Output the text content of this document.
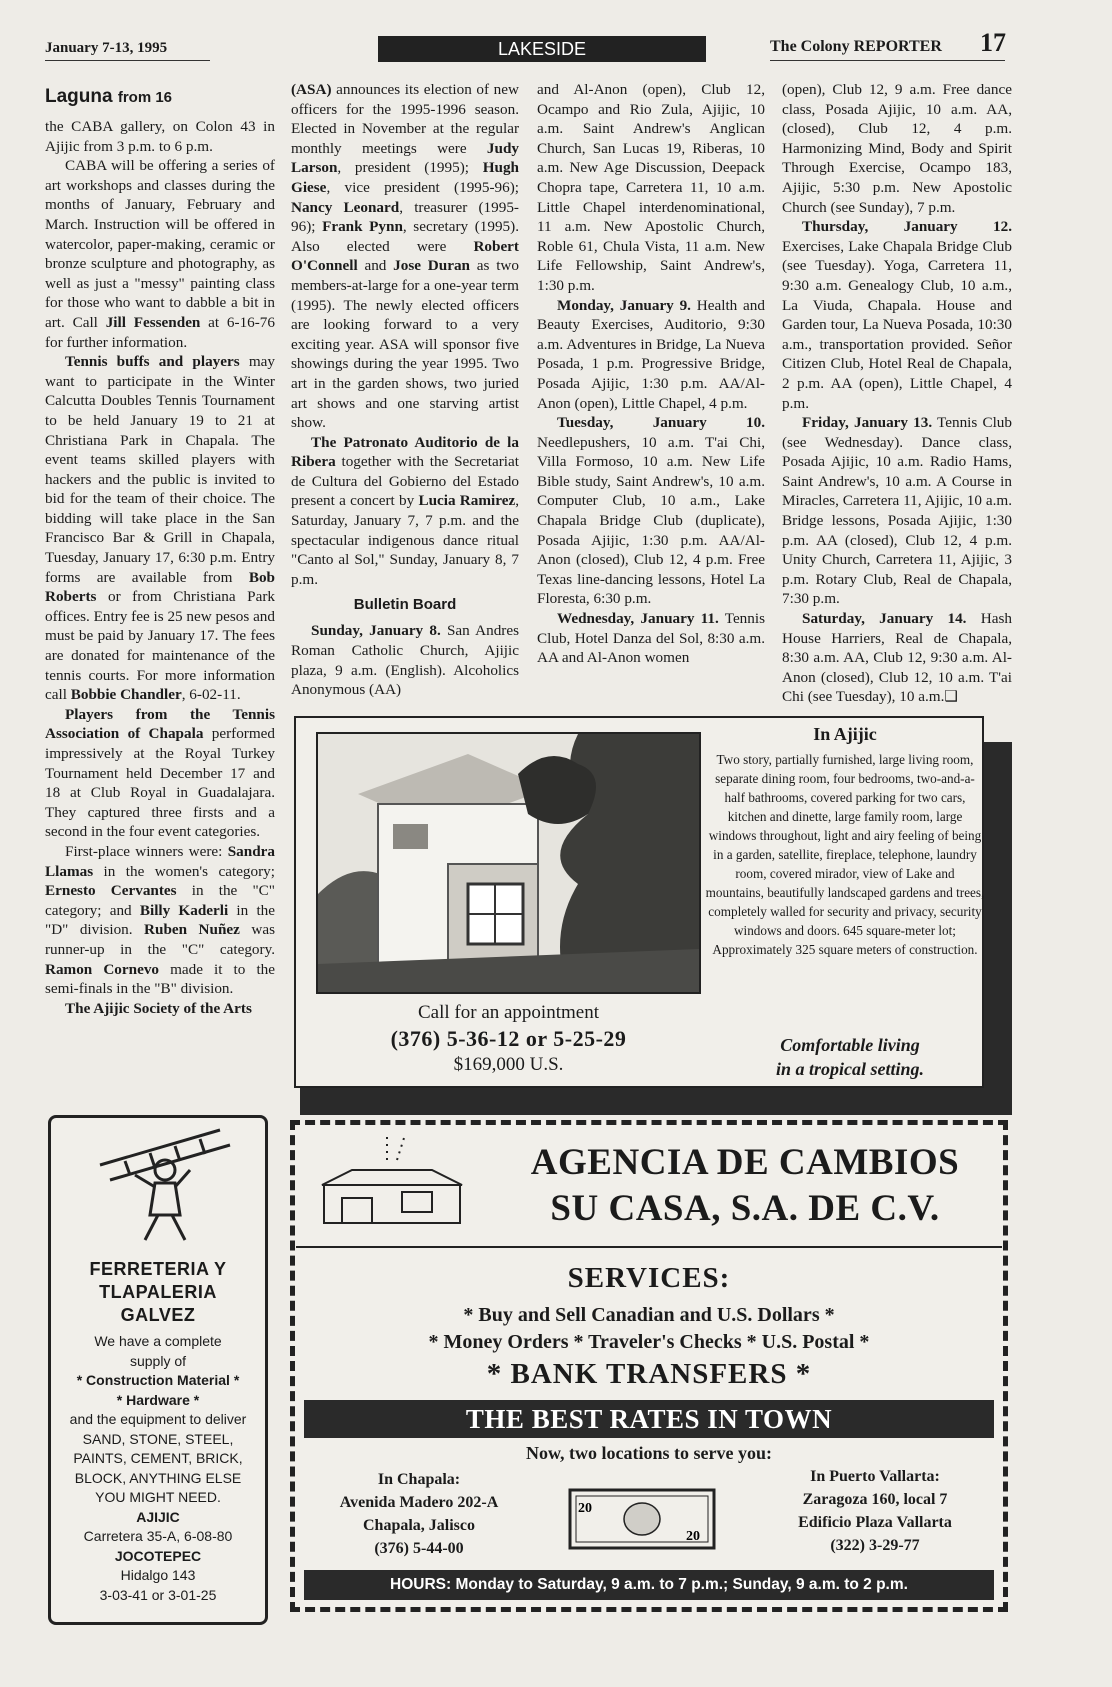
January 7-13, 1995	LAKESIDE	The Colony REPORTER 17
Laguna from 16

the CABA gallery, on Colon 43 in Ajijic from 3 p.m. to 6 p.m.

CABA will be offering a series of art workshops and classes during the months of January, February and March. Instruction will be offered in watercolor, paper-making, ceramic or bronze sculpture and photography, as well as just a "messy" painting class for those who want to dabble a bit in art. Call Jill Fessenden at 6-16-76 for further information.

Tennis buffs and players may want to participate in the Winter Calcutta Doubles Tennis Tournament to be held January 19 to 21 at Christiana Park in Chapala. The event teams skilled players with hackers and the public is invited to bid for the team of their choice. The bidding will take place in the San Francisco Bar & Grill in Chapala, Tuesday, January 17, 6:30 p.m. Entry forms are available from Bob Roberts or from Christiana Park offices. Entry fee is 25 new pesos and must be paid by January 17. The fees are donated for maintenance of the tennis courts. For more information call Bobbie Chandler, 6-02-11.

Players from the Tennis Association of Chapala performed impressively at the Royal Turkey Tournament held December 17 and 18 at Club Royal in Guadalajara. They captured three firsts and a second in the four event categories.

First-place winners were: Sandra Llamas in the women's category; Ernesto Cervantes in the "C" category; and Billy Kaderli in the "D" division. Ruben Nuñez was runner-up in the "C" category. Ramon Cornevo made it to the semi-finals in the "B" division.

The Ajijic Society of the Arts

(ASA) announces its election of new officers for the 1995-1996 season. Elected in November at the regular monthly meetings were Judy Larson, president (1995); Hugh Giese, vice president (1995-96); Nancy Leonard, treasurer (1995-96); Frank Pynn, secretary (1995). Also elected were Robert O'Connell and Jose Duran as two members-at-large for a one-year term (1995). The newly elected officers are looking forward to a very exciting year. ASA will sponsor five showings during the year 1995. Two art in the garden shows, two juried art shows and one starving artist show.

The Patronato Auditorio de la Ribera together with the Secretariat de Cultura del Gobierno del Estado present a concert by Lucia Ramirez, Saturday, January 7, 7 p.m. and the spectacular indigenous dance ritual "Canto al Sol," Sunday, January 8, 7 p.m.

Bulletin Board

Sunday, January 8. San Andres Roman Catholic Church, Ajijic plaza, 9 a.m. (English). Alcoholics Anonymous (AA)

and Al-Anon (open), Club 12, Ocampo and Rio Zula, Ajijic, 10 a.m. Saint Andrew's Anglican Church, San Lucas 19, Riberas, 10 a.m. New Age Discussion, Deepack Chopra tape, Carretera 11, 10 a.m. Little Chapel interdenominational, 11 a.m. New Apostolic Church, Roble 61, Chula Vista, 11 a.m. New Life Fellowship, Saint Andrew's, 1:30 p.m.

Monday, January 9. Health and Beauty Exercises, Auditorio, 9:30 a.m. Adventures in Bridge, La Nueva Posada, 1 p.m. Progressive Bridge, Posada Ajijic, 1:30 p.m. AA/Al-Anon (open), Little Chapel, 4 p.m.

Tuesday, January 10. Needlepushers, 10 a.m. T'ai Chi, Villa Formoso, 10 a.m. New Life Bible study, Saint Andrew's, 10 a.m. Computer Club, 10 a.m., Lake Chapala Bridge Club (duplicate), Posada Ajijic, 1:30 p.m. AA/Al-Anon (closed), Club 12, 4 p.m. Free Texas line-dancing lessons, Hotel La Floresta, 6:30 p.m.

Wednesday, January 11. Tennis Club, Hotel Danza del Sol, 8:30 a.m. AA and Al-Anon women

(open), Club 12, 9 a.m. Free dance class, Posada Ajijic, 10 a.m. AA, (closed), Club 12, 4 p.m. Harmonizing Mind, Body and Spirit Through Exercise, Ocampo 183, Ajijic, 5:30 p.m. New Apostolic Church (see Sunday), 7 p.m.

Thursday, January 12. Exercises, Lake Chapala Bridge Club (see Tuesday). Yoga, Carretera 11, 9:30 a.m. Genealogy Club, 10 a.m., La Viuda, Chapala. House and Garden tour, La Nueva Posada, 10:30 a.m., transportation provided. Señor Citizen Club, Hotel Real de Chapala, 2 p.m. AA (open), Little Chapel, 4 p.m.

Friday, January 13. Tennis Club (see Wednesday). Dance class, Posada Ajijic, 10 a.m. Radio Hams, Saint Andrew's, 10 a.m. A Course in Miracles, Carretera 11, Ajijic, 10 a.m. Bridge lessons, Posada Ajijic, 1:30 p.m. AA (closed), Club 12, 4 p.m. Unity Church, Carretera 11, Ajijic, 3 p.m. Rotary Club, Real de Chapala, 7:30 p.m.

Saturday, January 14. Hash House Harriers, Real de Chapala, 8:30 a.m. AA, Club 12, 9:30 a.m. Al-Anon (closed), Club 12, 10 a.m. T'ai Chi (see Tuesday), 10 a.m.❑

In Ajijic
Two story, partially furnished, large living room, separate dining room, four bedrooms, two-and-a-half bathrooms, covered parking for two cars, kitchen and dinette, large family room, large windows throughout, light and airy feeling of being in a garden, satellite, fireplace, telephone, laundry room, covered mirador, view of Lake and mountains, beautifully landscaped gardens and trees, completely walled for security and privacy, security windows and doors. 645 square-meter lot; Approximately 325 square meters of construction.
Call for an appointment
(376) 5-36-12 or 5-25-29
$169,000 U.S.
Comfortable living
in a tropical setting.
FERRETERIA Y
TLAPALERIA
GALVEZ
We have a complete
supply of
* Construction Material *
* Hardware *
and the equipment to deliver
SAND, STONE, STEEL,
PAINTS, CEMENT, BRICK,
BLOCK, ANYTHING ELSE
YOU MIGHT NEED.
AJIJIC
Carretera 35-A, 6-08-80
JOCOTEPEC
Hidalgo 143
3-03-41 or 3-01-25
AGENCIA DE CAMBIOS
SU CASA, S.A. DE C.V.
SERVICES:
* Buy and Sell Canadian and U.S. Dollars *
* Money Orders * Traveler's Checks * U.S. Postal *
* BANK TRANSFERS *
THE BEST RATES IN TOWN
Now, two locations to serve you:
In Chapala:
Avenida Madero 202-A
Chapala, Jalisco
(376) 5-44-00
20
20
In Puerto Vallarta:
Zaragoza 160, local 7
Edificio Plaza Vallarta
(322) 3-29-77
HOURS: Monday to Saturday, 9 a.m. to 7 p.m.; Sunday, 9 a.m. to 2 p.m.
